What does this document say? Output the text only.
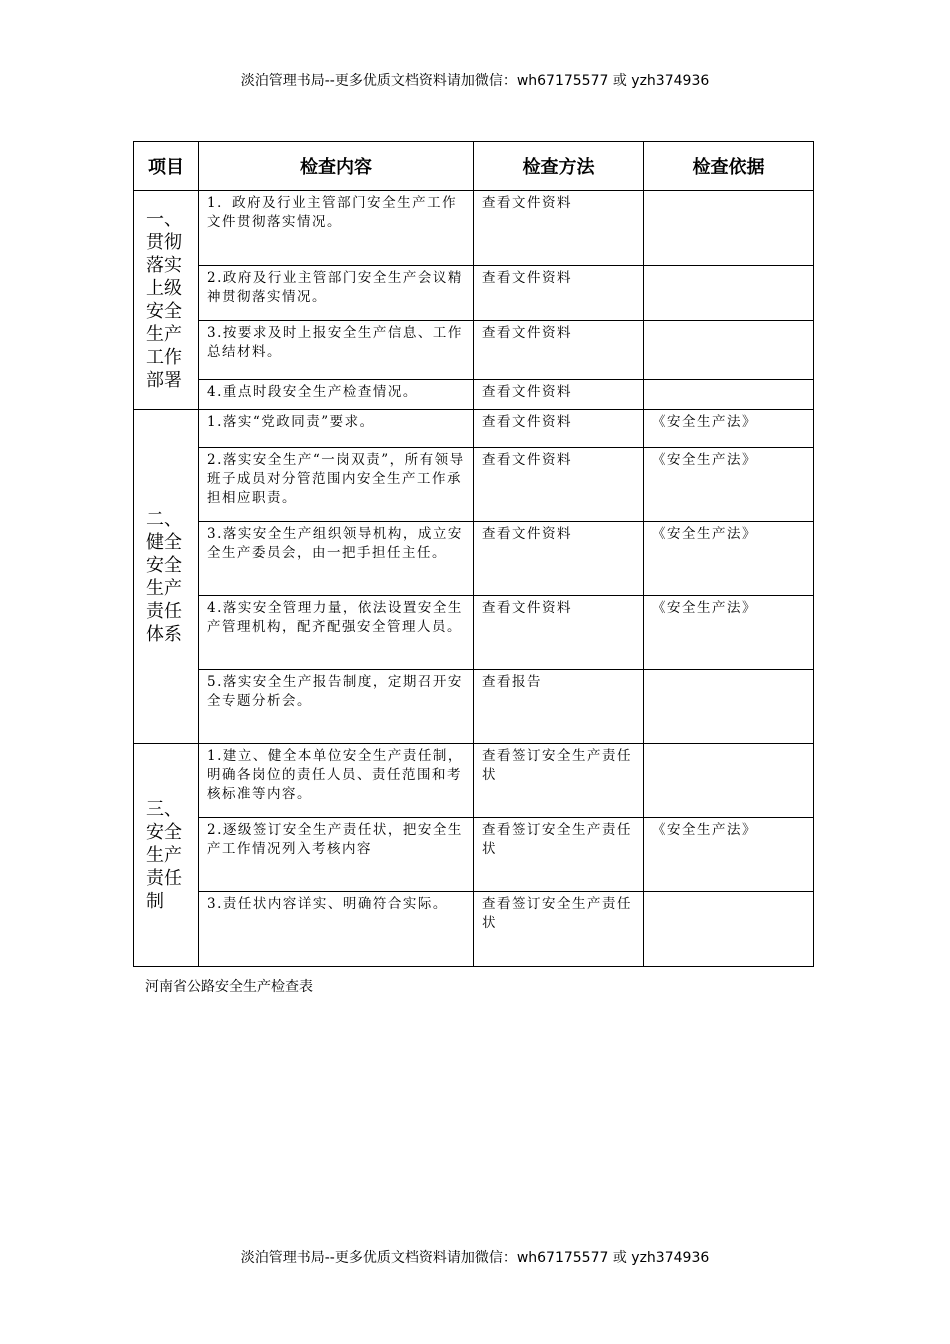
淡泊管理书局--更多优质文档资料请加微信：wh67175577 或 yzh374936
项目	检查内容	检查方法	检查依据
一、贯彻落实上级安全生产工作部署	1．政府及行业主管部门安全生产工作文件贯彻落实情况。	查看文件资料	
	2.政府及行业主管部门安全生产会议精神贯彻落实情况。	查看文件资料	
	3.按要求及时上报安全生产信息、工作总结材料。	查看文件资料	
	4.重点时段安全生产检查情况。	查看文件资料	
二、健全安全生产责任体系	1.落实“党政同责”要求。	查看文件资料	《安全生产法》
	2.落实安全生产“一岗双责”，所有领导班子成员对分管范围内安全生产工作承担相应职责。	查看文件资料	《安全生产法》
	3.落实安全生产组织领导机构，成立安全生产委员会，由一把手担任主任。	查看文件资料	《安全生产法》
	4.落实安全管理力量，依法设置安全生产管理机构，配齐配强安全管理人员。	查看文件资料	《安全生产法》
	5.落实安全生产报告制度，定期召开安全专题分析会。	查看报告	
三、安全生产责任制	1.建立、健全本单位安全生产责任制，明确各岗位的责任人员、责任范围和考核标准等内容。	查看签订安全生产责任状	
	2.逐级签订安全生产责任状，把安全生产工作情况列入考核内容	查看签订安全生产责任状	《安全生产法》
	3.责任状内容详实、明确符合实际。	查看签订安全生产责任状	
河南省公路安全生产检查表
淡泊管理书局--更多优质文档资料请加微信：wh67175577 或 yzh374936
